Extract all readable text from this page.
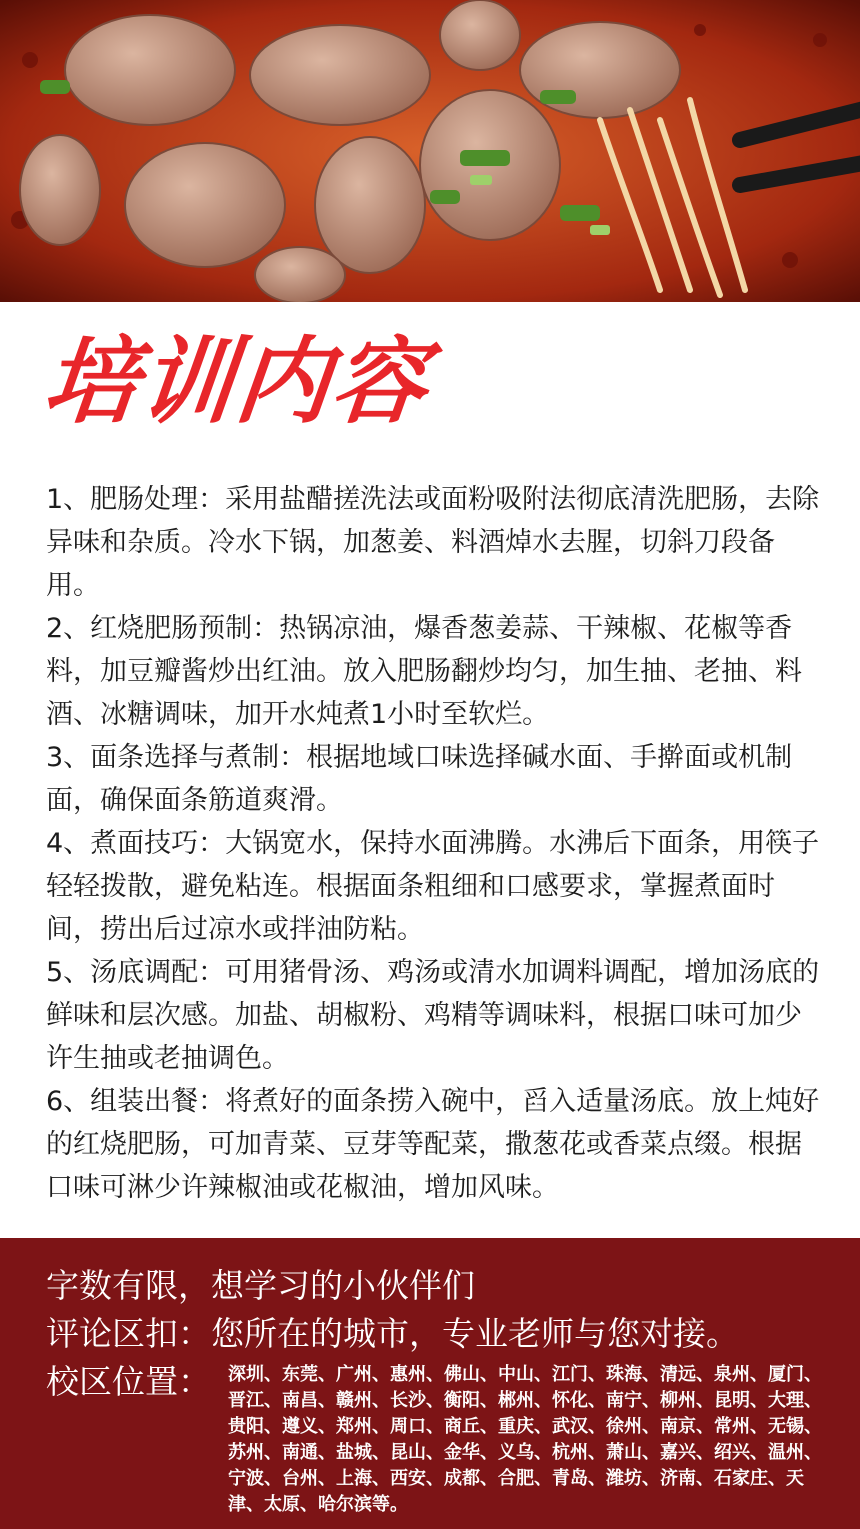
培训内容

1、肥肠处理：采用盐醋搓洗法或面粉吸附法彻底清洗肥肠，去除异味和杂质。冷水下锅，加葱姜、料酒焯水去腥，切斜刀段备用。

2、红烧肥肠预制：热锅凉油，爆香葱姜蒜、干辣椒、花椒等香料，加豆瓣酱炒出红油。放入肥肠翻炒均匀，加生抽、老抽、料酒、冰糖调味，加开水炖煮1小时至软烂。

3、面条选择与煮制：根据地域口味选择碱水面、手擀面或机制面，确保面条筋道爽滑。

4、煮面技巧：大锅宽水，保持水面沸腾。水沸后下面条，用筷子轻轻拨散，避免粘连。根据面条粗细和口感要求，掌握煮面时间，捞出后过凉水或拌油防粘。

5、汤底调配：可用猪骨汤、鸡汤或清水加调料调配，增加汤底的鲜味和层次感。加盐、胡椒粉、鸡精等调味料，根据口味可加少许生抽或老抽调色。

6、组装出餐：将煮好的面条捞入碗中，舀入适量汤底。放上炖好的红烧肥肠，可加青菜、豆芽等配菜，撒葱花或香菜点缀。根据口味可淋少许辣椒油或花椒油，增加风味。

字数有限，想学习的小伙伴们
评论区扣：您所在的城市，专业老师与您对接。
校区位置： 深圳、东莞、广州、惠州、佛山、中山、江门、珠海、清远、泉州、厦门、晋江、南昌、赣州、长沙、衡阳、郴州、怀化、南宁、柳州、昆明、大理、贵阳、遵义、郑州、周口、商丘、重庆、武汉、徐州、南京、常州、无锡、苏州、南通、盐城、昆山、金华、义乌、杭州、萧山、嘉兴、绍兴、温州、宁波、台州、上海、西安、成都、合肥、青岛、潍坊、济南、石家庄、天津、太原、哈尔滨等。
